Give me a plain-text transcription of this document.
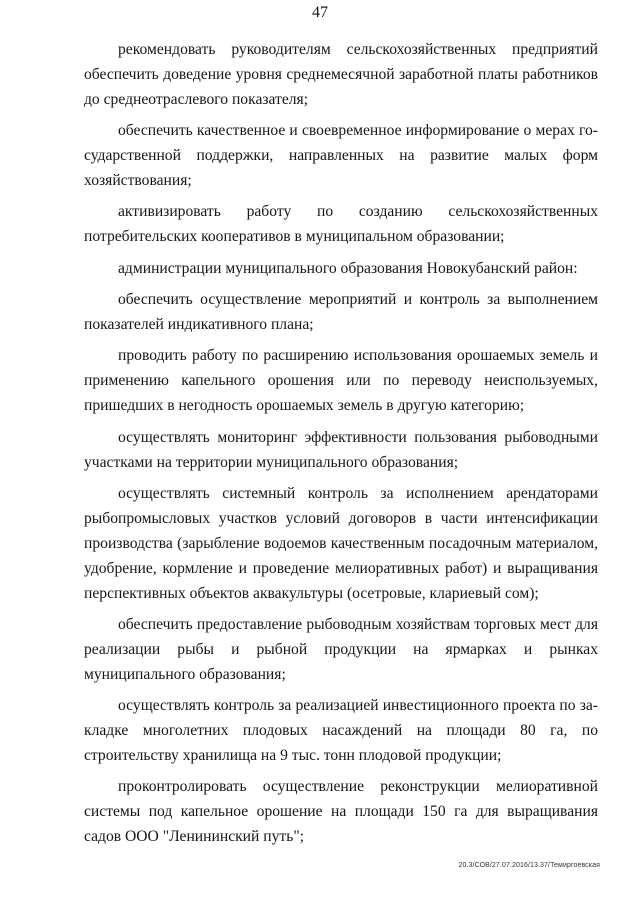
47

рекомендовать руководителям сельскохозяйственных предприятий обеспечить доведение уровня среднемесячной заработной платы работников до среднеотраслевого показателя;

обеспечить качественное и своевременное информирование о мерах государственной поддержки, направленных на развитие малых форм хозяйствования;

активизировать работу по созданию сельскохозяйственных потребительских кооперативов в муниципальном образовании;

администрации муниципального образования Новокубанский район:

обеспечить осуществление мероприятий и контроль за выполнением показателей индикативного плана;

проводить работу по расширению использования орошаемых земель и применению капельного орошения или по переводу неиспользуемых, пришедших в негодность орошаемых земель в другую категорию;

осуществлять мониторинг эффективности пользования рыбоводными участками на территории муниципального образования;

осуществлять системный контроль за исполнением арендаторами рыбопромысловых участков условий договоров в части интенсификации производства (зарыбление водоемов качественным посадочным материалом, удобрение, кормление и проведение мелиоративных работ) и выращивания перспективных объектов аквакультуры (осетровые, клариевый сом);

обеспечить предоставление рыбоводным хозяйствам торговых мест для реализации рыбы и рыбной продукции на ярмарках и рынках муниципального образования;

осуществлять контроль за реализацией инвестиционного проекта по закладке многолетних плодовых насаждений на площади 80 га, по строительству хранилища на 9 тыс. тонн плодовой продукции;

проконтролировать осуществление реконструкции мелиоративной системы под капельное орошение на площади 150 га для выращивания садов ООО "Ленининский путь";

20.3/СОВ/27.07.2016/13.37/Темиргоевская
